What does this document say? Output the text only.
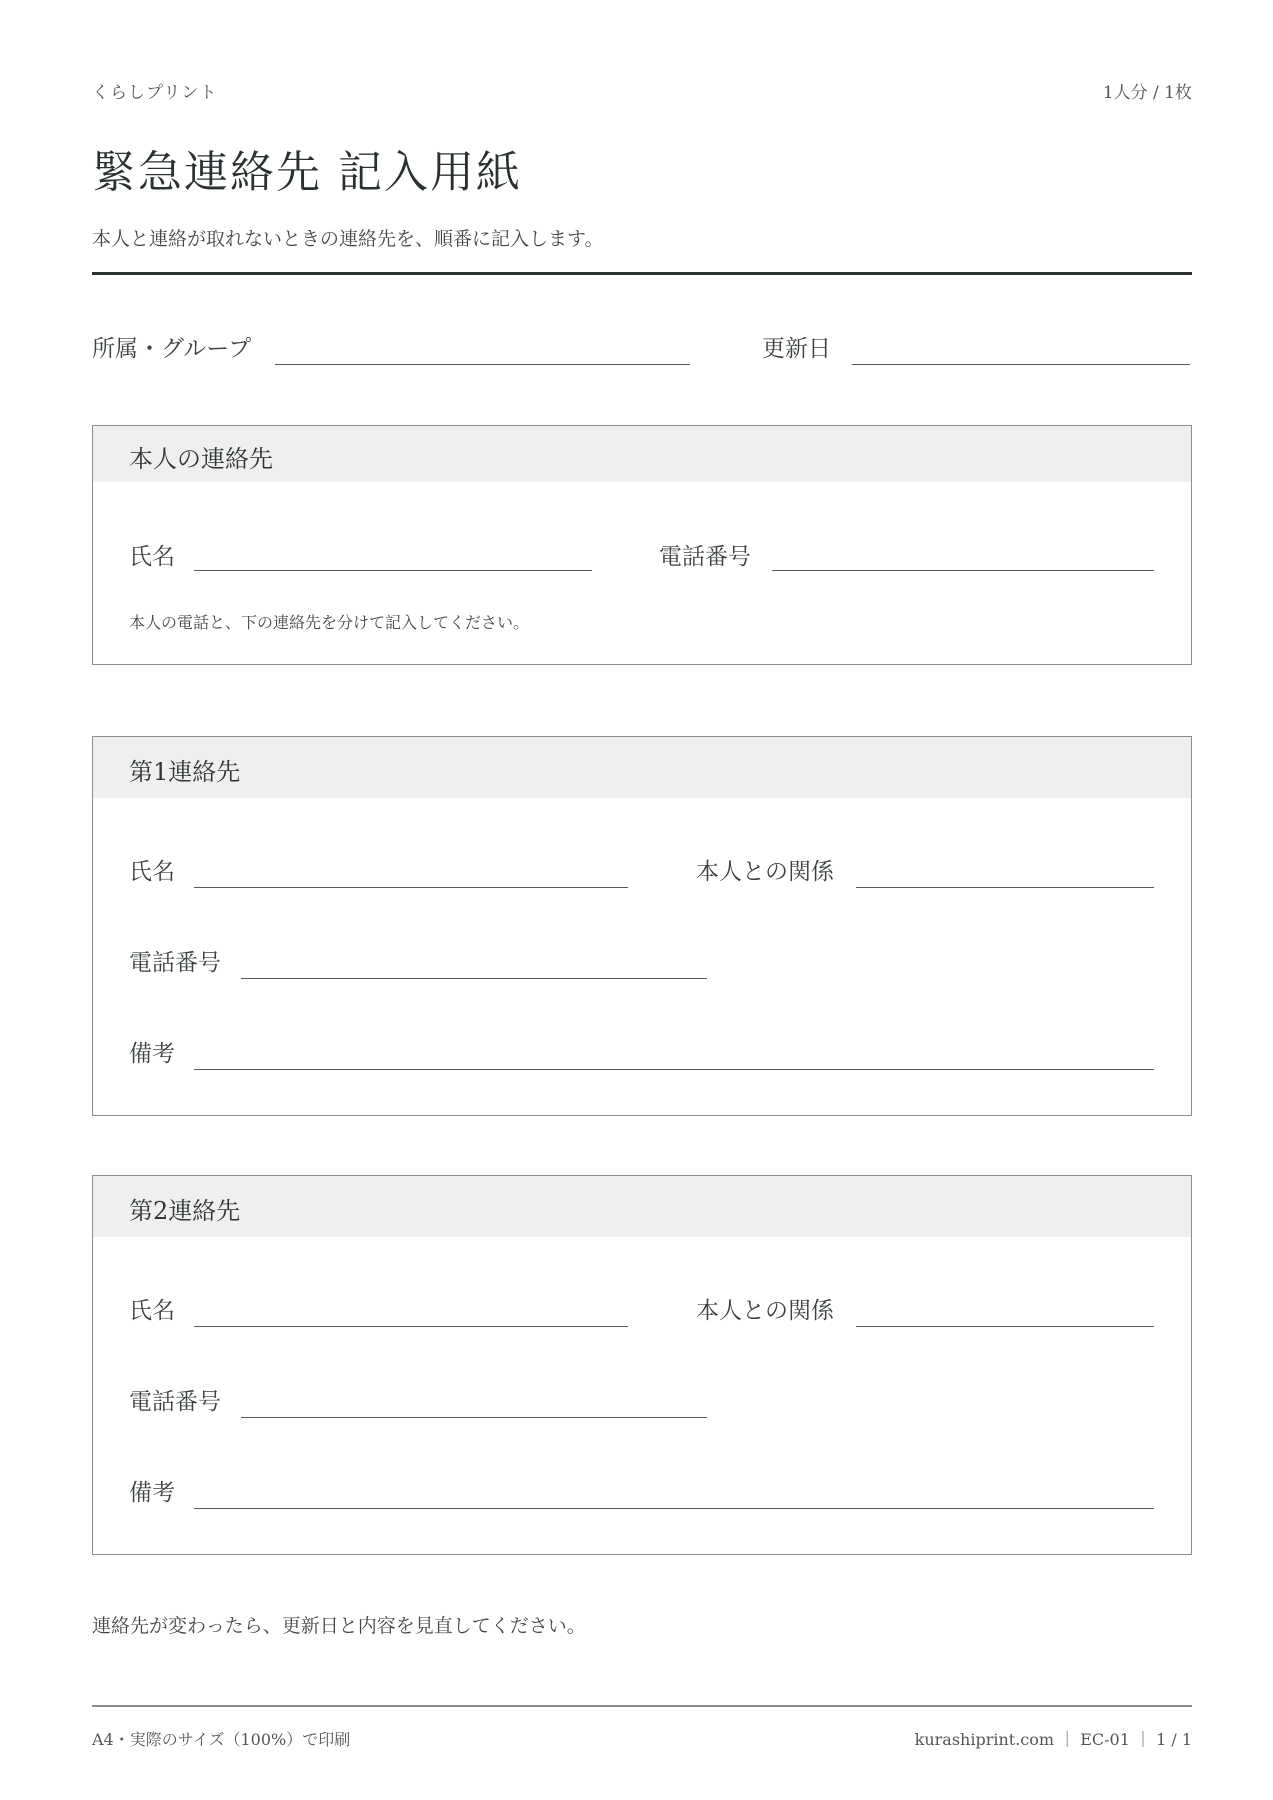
くらしプリント	1人分 / 1枚
緊急連絡先 記入用紙
本人と連絡が取れないときの連絡先を、順番に記入します。
所属・グループ	更新日
本人の連絡先
氏名	電話番号
本人の電話と、下の連絡先を分けて記入してください。
第1連絡先
氏名	本人との関係
電話番号
備考
第2連絡先
氏名	本人との関係
電話番号
備考
連絡先が変わったら、更新日と内容を見直してください。
A4・実際のサイズ（100%）で印刷	kurashiprint.com ｜ EC-01 ｜ 1 / 1
